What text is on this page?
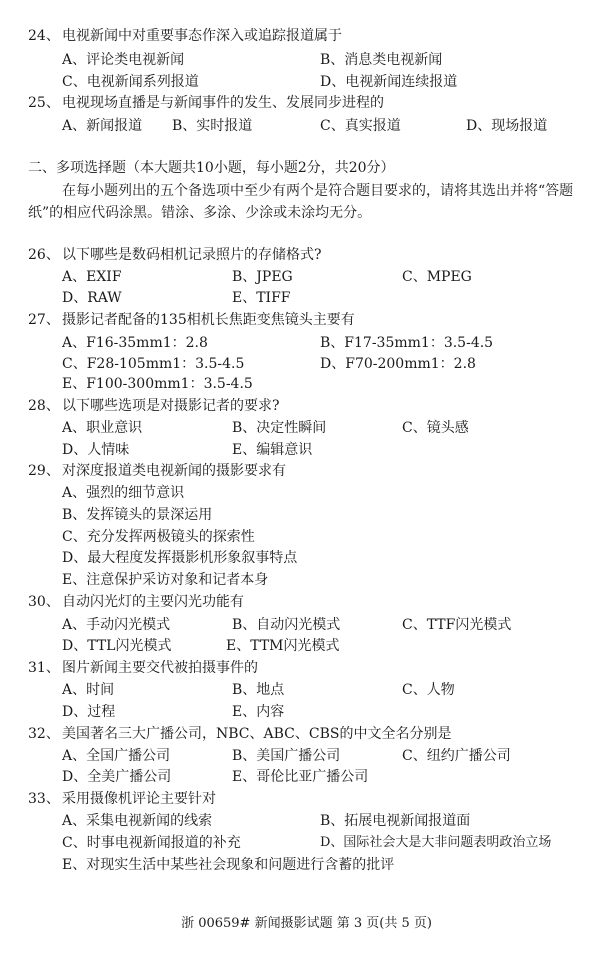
24、 电视新闻中对重要事态作深入或追踪报道属于
A、评论类电视新闻	B、消息类电视新闻
C、电视新闻系列报道	D、电视新闻连续报道
25、 电视现场直播是与新闻事件的发生、发展同步进程的
A、新闻报道 B、实时报道	C、真实报道	D、现场报道
二、多项选择题（本大题共10小题，每小题2分，共20分）
在每小题列出的五个备选项中至少有两个是符合题目要求的，请将其选出并将“答题
纸”的相应代码涂黑。错涂、多涂、少涂或未涂均无分。
26、 以下哪些是数码相机记录照片的存储格式?
A、EXIF	B、JPEG	C、MPEG
D、RAW	E、TIFF
27、 摄影记者配备的135相机长焦距变焦镜头主要有
A、F16-35mm1：2.8	B、F17-35mm1：3.5-4.5
C、F28-105mm1：3.5-4.5	D、F70-200mm1：2.8
E、F100-300mm1：3.5-4.5
28、 以下哪些选项是对摄影记者的要求?
A、职业意识	B、决定性瞬间	C、镜头感
D、人情味	E、编辑意识
29、 对深度报道类电视新闻的摄影要求有
A、强烈的细节意识
B、发挥镜头的景深运用
C、充分发挥两极镜头的探索性
D、最大程度发挥摄影机形象叙事特点
E、注意保护采访对象和记者本身
30、 自动闪光灯的主要闪光功能有
A、手动闪光模式	B、自动闪光模式	C、TTF闪光模式
D、TTL闪光模式	E、TTM闪光模式
31、 图片新闻主要交代被拍摄事件的
A、时间	B、地点	C、人物
D、过程	E、内容
32、 美国著名三大广播公司，NBC、ABC、CBS的中文全名分别是
A、全国广播公司	B、美国广播公司	C、纽约广播公司
D、全美广播公司	E、哥伦比亚广播公司
33、 采用摄像机评论主要针对
A、采集电视新闻的线索	B、拓展电视新闻报道面
C、时事电视新闻报道的补充	D、国际社会大是大非问题表明政治立场
E、对现实生活中某些社会现象和问题进行含蓄的批评
浙 00659# 新闻摄影试题 第 3 页(共 5 页)
